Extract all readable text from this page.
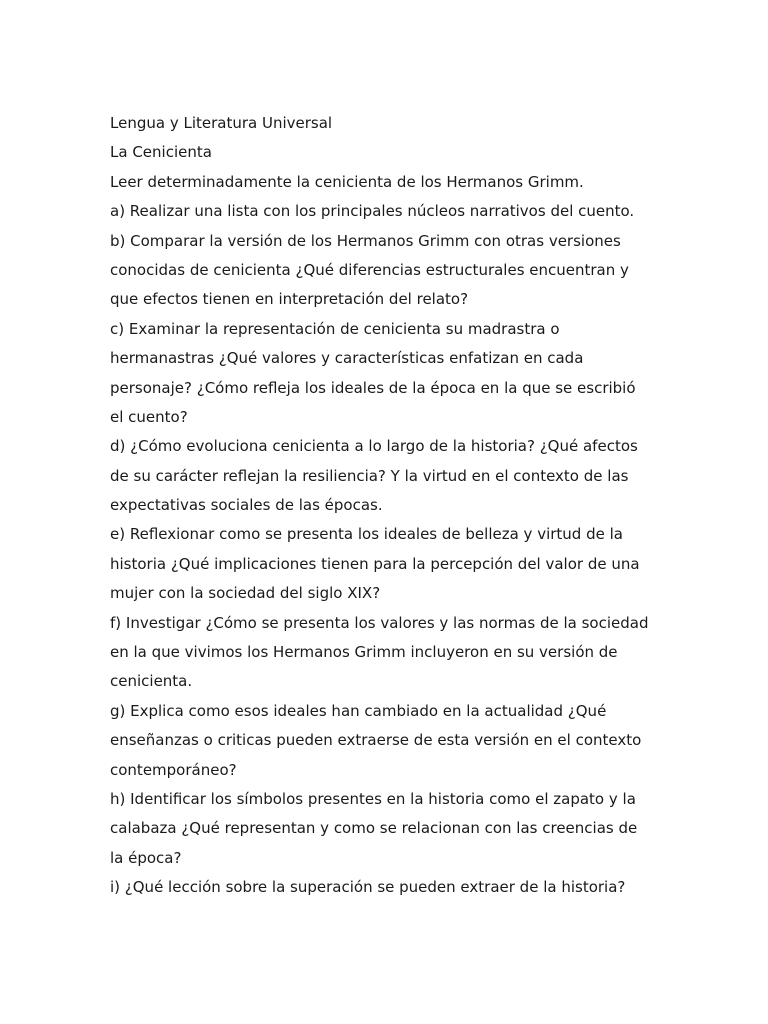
Lengua y Literatura Universal

La Cenicienta

Leer determinadamente la cenicienta de los Hermanos Grimm.

a) Realizar una lista con los principales núcleos narrativos del cuento.

b) Comparar la versión de los Hermanos Grimm con otras versiones

conocidas de cenicienta ¿Qué diferencias estructurales encuentran y

que efectos tienen en interpretación del relato?

c) Examinar la representación de cenicienta su madrastra o

hermanastras ¿Qué valores y características enfatizan en cada

personaje? ¿Cómo refleja los ideales de la época en la que se escribió

el cuento?

d) ¿Cómo evoluciona cenicienta a lo largo de la historia? ¿Qué afectos

de su carácter reflejan la resiliencia? Y la virtud en el contexto de las

expectativas sociales de las épocas.

e) Reflexionar como se presenta los ideales de belleza y virtud de la

historia ¿Qué implicaciones tienen para la percepción del valor de una

mujer con la sociedad del siglo XIX?

f) Investigar ¿Cómo se presenta los valores y las normas de la sociedad

en la que vivimos los Hermanos Grimm incluyeron en su versión de

cenicienta.

g) Explica como esos ideales han cambiado en la actualidad ¿Qué

enseñanzas o criticas pueden extraerse de esta versión en el contexto

contemporáneo?

h) Identificar los símbolos presentes en la historia como el zapato y la

calabaza ¿Qué representan y como se relacionan con las creencias de

la época?

i) ¿Qué lección sobre la superación se pueden extraer de la historia?
